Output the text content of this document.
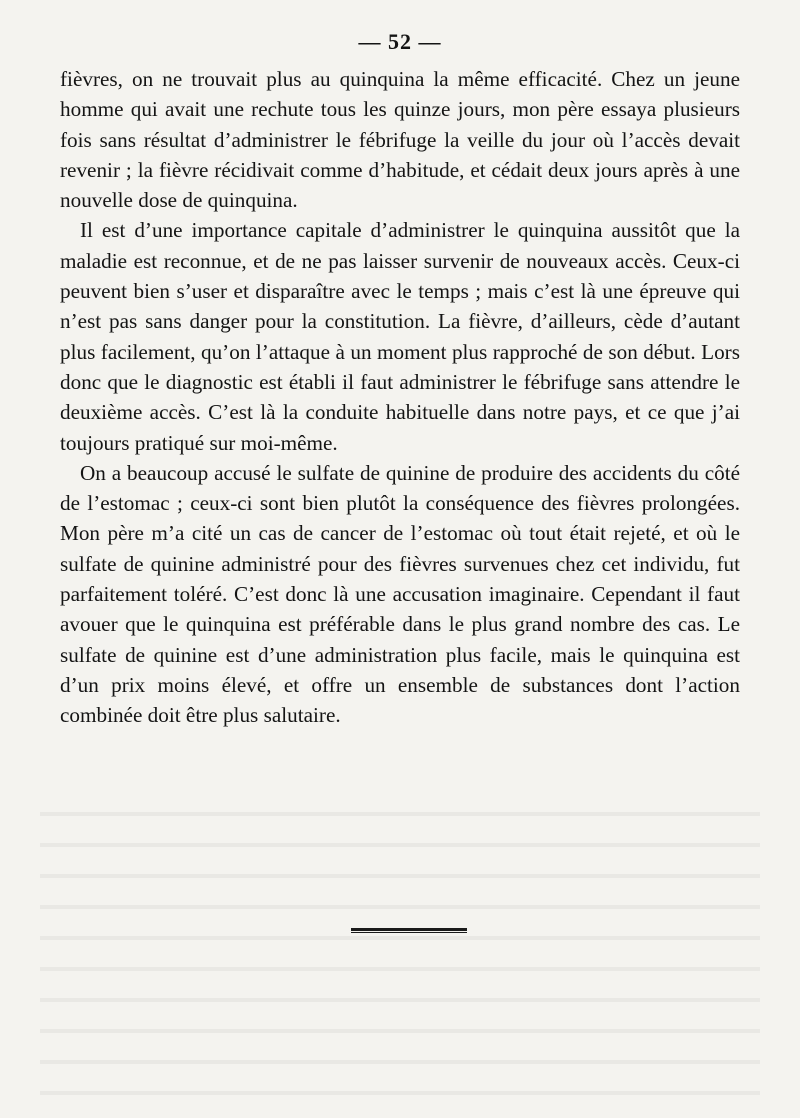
— 52 —

fièvres, on ne trouvait plus au quinquina la même efficacité. Chez un jeune homme qui avait une rechute tous les quinze jours, mon père essaya plusieurs fois sans résultat d’administrer le fébrifuge la veille du jour où l’accès devait revenir ; la fièvre récidivait comme d’habitude, et cédait deux jours après à une nouvelle dose de quinquina.

Il est d’une importance capitale d’administrer le quinquina aussitôt que la maladie est reconnue, et de ne pas laisser survenir de nouveaux accès. Ceux-ci peuvent bien s’user et disparaître avec le temps ; mais c’est là une épreuve qui n’est pas sans danger pour la constitution. La fièvre, d’ailleurs, cède d’autant plus facilement, qu’on l’attaque à un moment plus rapproché de son début. Lors donc que le diagnostic est établi il faut administrer le fébrifuge sans attendre le deuxième accès. C’est là la conduite habituelle dans notre pays, et ce que j’ai toujours pratiqué sur moi-même.

On a beaucoup accusé le sulfate de quinine de produire des accidents du côté de l’estomac ; ceux-ci sont bien plutôt la conséquence des fièvres prolongées. Mon père m’a cité un cas de cancer de l’estomac où tout était rejeté, et où le sulfate de quinine administré pour des fièvres survenues chez cet individu, fut parfaitement toléré. C’est donc là une accusation imaginaire. Cependant il faut avouer que le quinquina est préférable dans le plus grand nombre des cas. Le sulfate de quinine est d’une administration plus facile, mais le quinquina est d’un prix moins élevé, et offre un ensemble de substances dont l’action combinée doit être plus salutaire.
